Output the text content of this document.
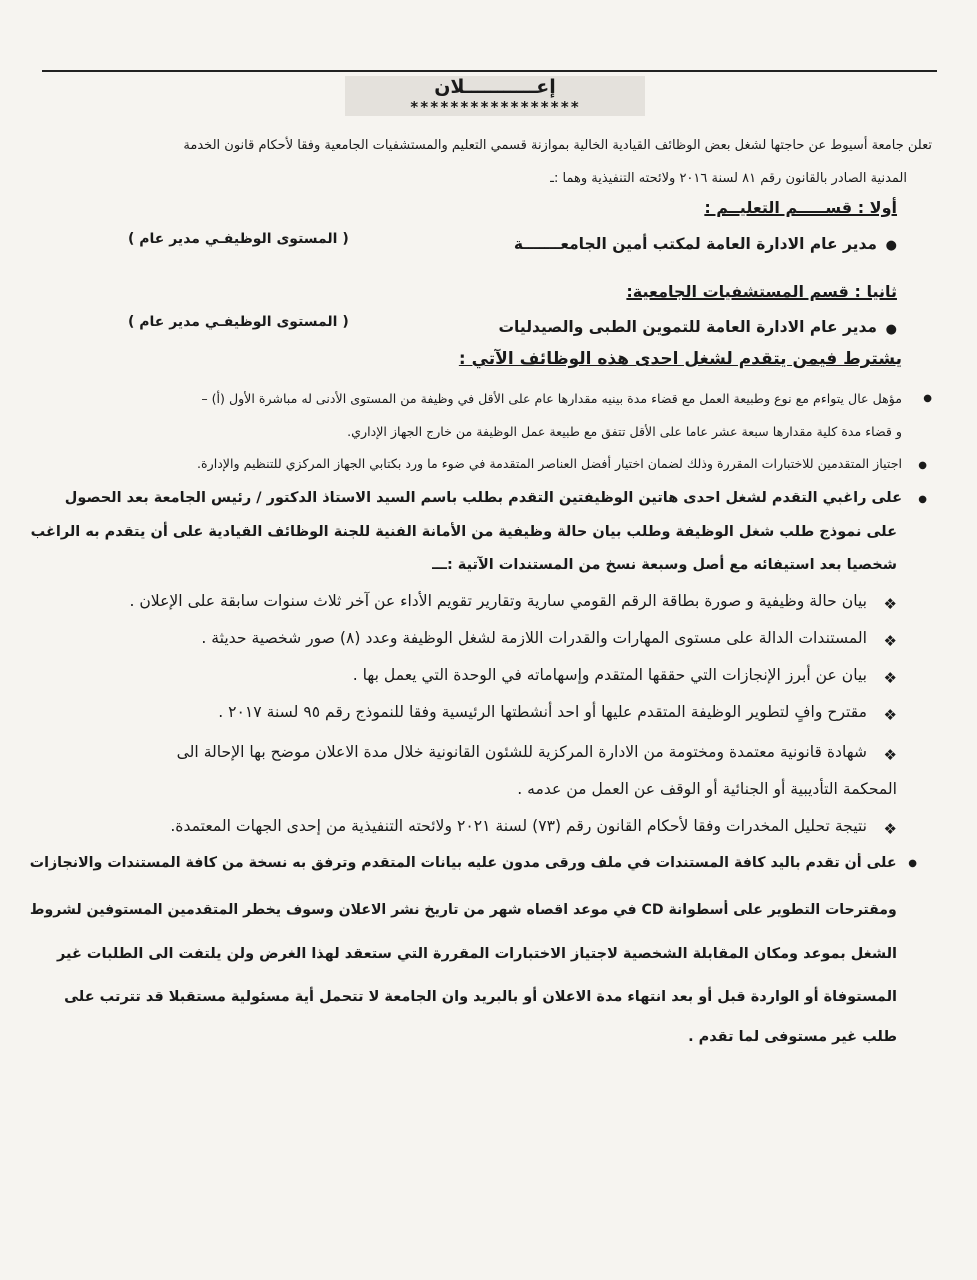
إعـــــــــــلان
*****************
تعلن جامعة أسيوط عن حاجتها لشغل بعض الوظائف القيادية الخالية بموازنة قسمي التعليم والمستشفيات الجامعية وفقا لأحكام قانون الخدمة
المدنية الصادر بالقانون رقم ٨١ لسنة ٢٠١٦ ولائحته التنفيذية وهما :ـ
أولا : قســـــم التعليــم :
●
مدير عام الادارة العامة لمكتب أمين الجامعـــــــة
( المستوى الوظيفـي مدير عام )
ثانيا : قسم المستشفيات الجامعية:
●
مدير عام الادارة العامة للتموين الطبى والصيدليات
( المستوى الوظيفـي مدير عام )
يشترط فيمن يتقدم لشغل احدى هذه الوظائف الآتي :
●
مؤهل عال يتواءم مع نوع وطبيعة العمل مع قضاء مدة بينيه مقدارها عام على الأقل في وظيفة من المستوى الأدنى له مباشرة الأول (أ) –
و قضاء مدة كلية مقدارها سبعة عشر عاما على الأقل تتفق مع طبيعة عمل الوظيفة من خارج الجهاز الإداري.
●
اجتياز المتقدمين للاختبارات المقررة وذلك لضمان اختيار أفضل العناصر المتقدمة في ضوء ما ورد بكتابي الجهاز المركزي للتنظيم والإدارة.
●
على راغبي التقدم لشغل احدى هاتين الوظيفتين التقدم بطلب باسم السيد الاستاذ الدكتور / رئيس الجامعة بعد الحصول
على نموذج طلب شغل الوظيفة وطلب بيان حالة وظيفية من الأمانة الفنية للجنة الوظائف القيادية على أن يتقدم به الراغب
شخصيا بعد استيفائه مع أصل وسبعة نسخ من المستندات الآتية :ـــ
❖
بيان حالة وظيفية و صورة بطاقة الرقم القومي سارية وتقارير تقويم الأداء عن آخر ثلاث سنوات سابقة على الإعلان .
❖
المستندات الدالة على مستوى المهارات والقدرات اللازمة لشغل الوظيفة وعدد (٨) صور شخصية حديثة .
❖
بيان عن أبرز الإنجازات التي حققها المتقدم وإسهاماته في الوحدة التي يعمل بها .
❖
مقترح وافٍ لتطوير الوظيفة المتقدم عليها أو احد أنشطتها الرئيسية وفقا للنموذج رقم ٩٥ لسنة ٢٠١٧ .
❖
شهادة قانونية معتمدة ومختومة من الادارة المركزية للشئون القانونية خلال مدة الاعلان موضح بها الإحالة الى
المحكمة التأديبية أو الجنائية أو الوقف عن العمل من عدمه .
❖
نتيجة تحليل المخدرات وفقا لأحكام القانون رقم (٧٣) لسنة ٢٠٢١ ولائحته التنفيذية من إحدى الجهات المعتمدة.
●
على أن تقدم باليد كافة المستندات في ملف ورقى مدون عليه بيانات المتقدم وترفق به نسخة من كافة المستندات والانجازات
ومقترحات التطوير على أسطوانة CD في موعد اقصاه شهر من تاريخ نشر الاعلان وسوف يخطر المتقدمين المستوفين لشروط
الشغل بموعد ومكان المقابلة الشخصية لاجتياز الاختبارات المقررة التي ستعقد لهذا الغرض ولن يلتفت الى الطلبات غير
المستوفاة أو الواردة قبل أو بعد انتهاء مدة الاعلان أو بالبريد وان الجامعة لا تتحمل أية مسئولية مستقبلا قد تترتب على
طلب غير مستوفى لما تقدم .
